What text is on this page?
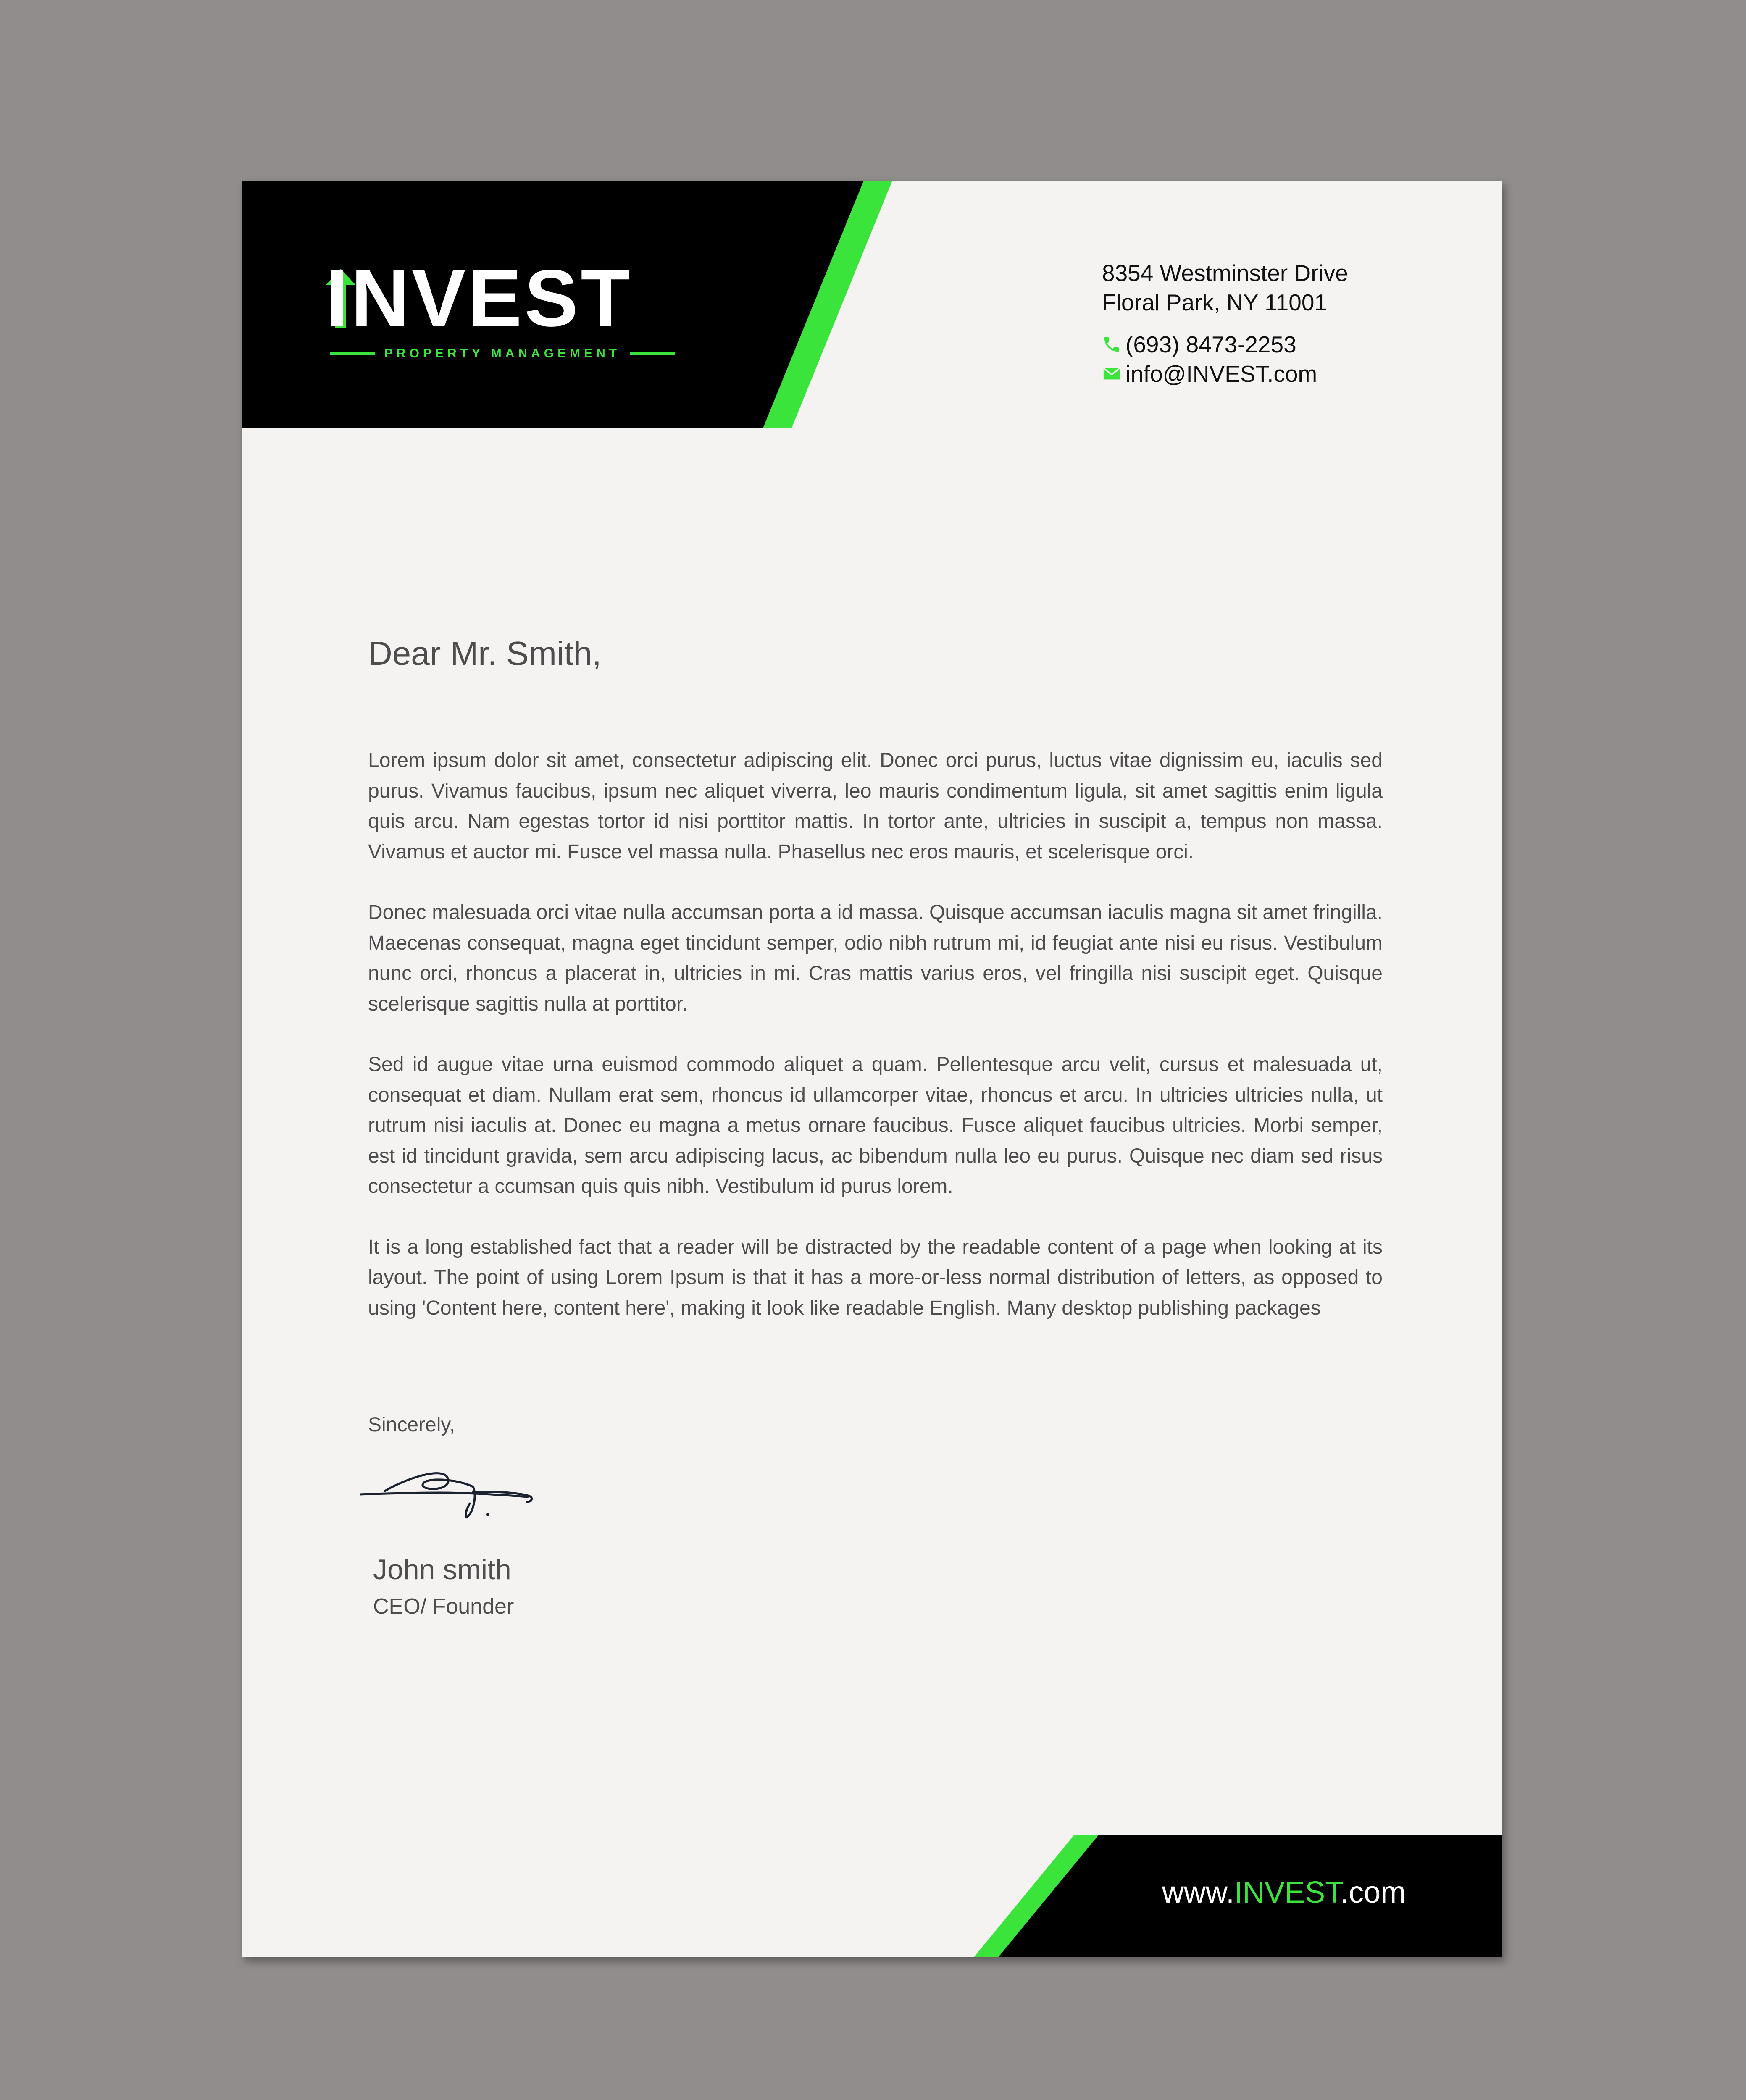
INVEST
PROPERTY MANAGEMENT
8354 Westminster Drive
Floral Park, NY 11001
(693) 8473-2253
info@INVEST.com
Dear Mr. Smith,

Lorem ipsum dolor sit amet, consectetur adipiscing elit. Donec orci purus, luctus vitae dignissim eu, iaculis sed purus. Vivamus faucibus, ipsum nec aliquet viverra, leo mauris condimentum ligula, sit amet sagittis enim ligula quis arcu. Nam egestas tortor id nisi porttitor mattis. In tortor ante, ultricies in suscipit a, tempus non massa. Vivamus et auctor mi. Fusce vel massa nulla. Phasellus nec eros mauris, et scelerisque orci.

Donec malesuada orci vitae nulla accumsan porta a id massa. Quisque accumsan iaculis magna sit amet fringilla. Maecenas consequat, magna eget tincidunt semper, odio nibh rutrum mi, id feugiat ante nisi eu risus. Vestibulum nunc orci, rhoncus a placerat in, ultricies in mi. Cras mattis varius eros, vel fringilla nisi suscipit eget. Quisque scelerisque sagittis nulla at porttitor.

Sed id augue vitae urna euismod commodo aliquet a quam. Pellentesque arcu velit, cursus et malesuada ut, consequat et diam. Nullam erat sem, rhoncus id ullamcorper vitae, rhoncus et arcu. In ultricies ultricies nulla, ut rutrum nisi iaculis at. Donec eu magna a metus ornare faucibus. Fusce aliquet faucibus ultricies. Morbi semper, est id tincidunt gravida, sem arcu adipiscing lacus, ac bibendum nulla leo eu purus. Quisque nec diam sed risus consectetur a ccumsan quis quis nibh. Vestibulum id purus lorem.

It is a long established fact that a reader will be distracted by the readable content of a page when looking at its layout. The point of using Lorem Ipsum is that it has a more-or-less normal distribution of letters, as opposed to using 'Content here, content here', making it look like readable English. Many desktop publishing packages

Sincerely,
John smith
CEO/ Founder
www.INVEST.com
